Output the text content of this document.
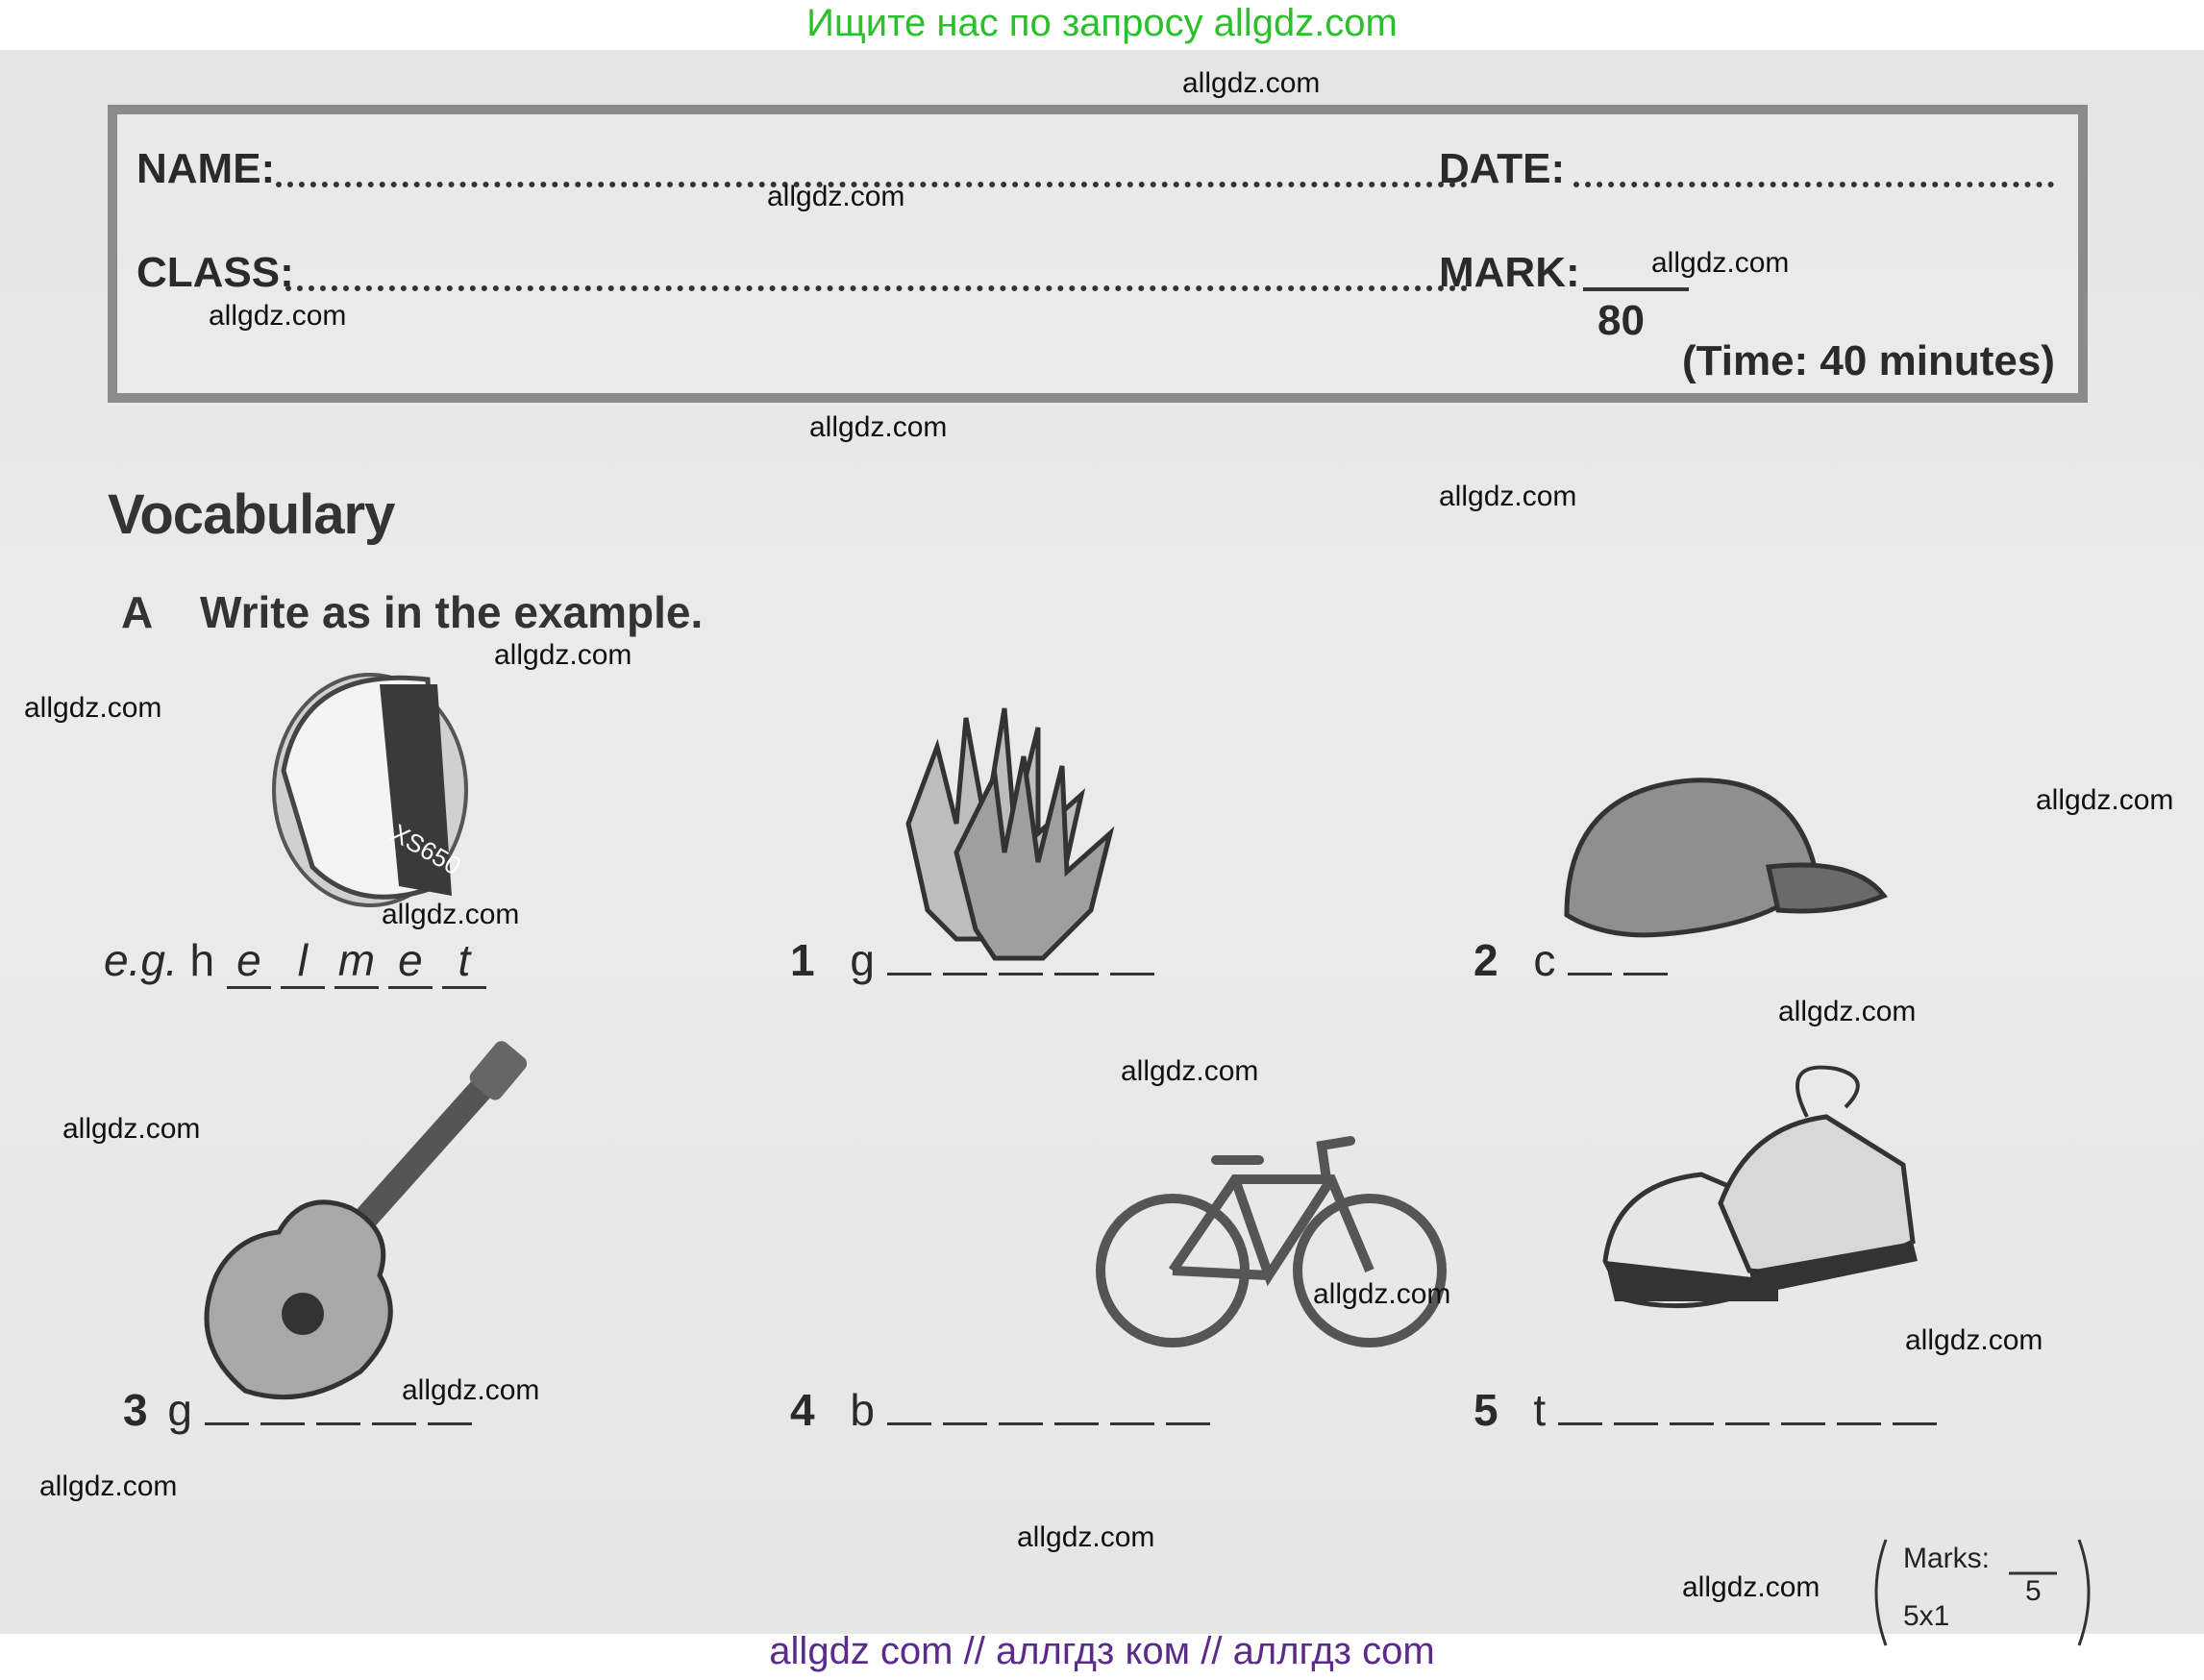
Ищите нас по запросу allgdz.com
NAME:	DATE:
CLASS:	MARK:
80
(Time: 40 minutes)
Vocabulary
A Write as in the example.
XS650
e.g. h e l m e t	1 g	2 c
3 g	4 b	5 t
Marks:
5
5x1
allgdz.com
allgdz.com
allgdz.com
allgdz.com
allgdz.com
allgdz.com
allgdz.com
allgdz.com
allgdz.com
allgdz.com
allgdz.com
allgdz.com
allgdz.com
allgdz.com
allgdz.com
allgdz.com
allgdz.com
allgdz.com
allgdz.com
allgdz com // аллгдз ком // аллгдз com
